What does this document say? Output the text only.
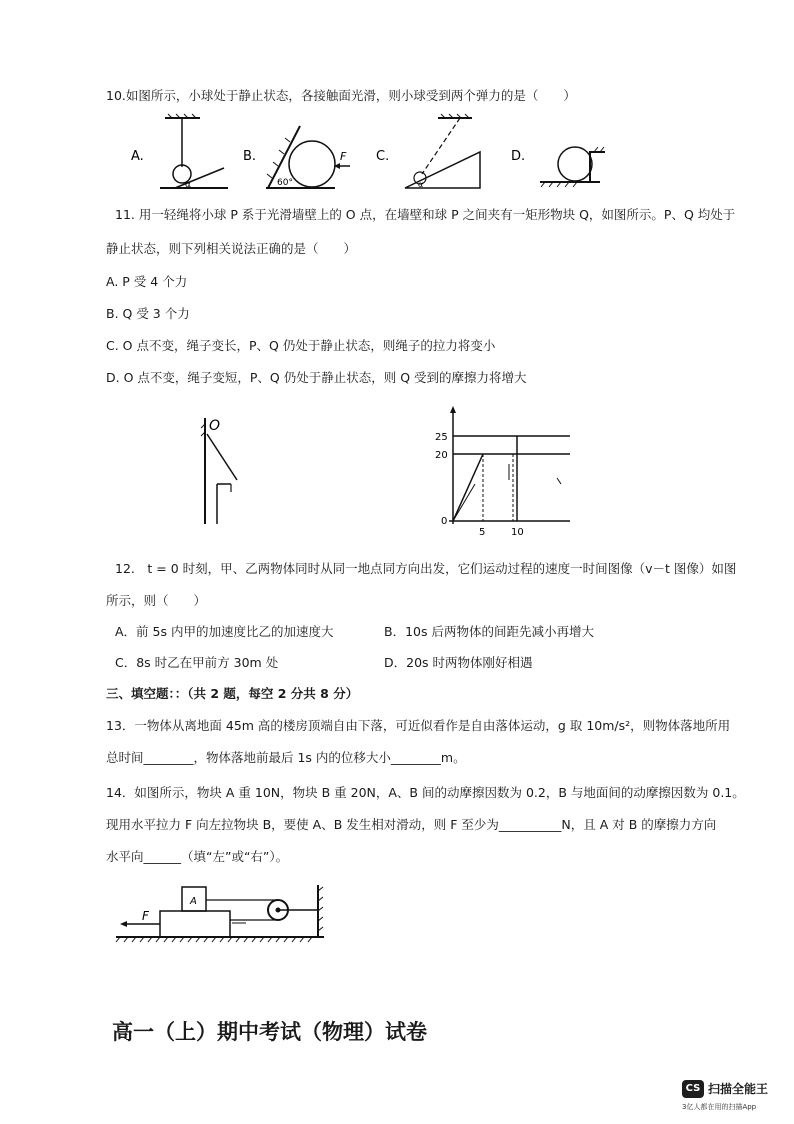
10.如图所示，小球处于静止状态，各接触面光滑，则小球受到两个弹力的是（　　）
A.
α
B.	F
60°
C.
α
D.
11. 用一轻绳将小球 P 系于光滑墙壁上的 O 点，在墙壁和球 P 之间夹有一矩形物块 Q，如图所示。P、Q 均处于
静止状态，则下列相关说法正确的是（　　）
A. P 受 4 个力
B. Q 受 3 个力
C. O 点不变，绳子变长，P、Q 仍处于静止状态，则绳子的拉力将变小
D. O 点不变，绳子变短，P、Q 仍处于静止状态，则 Q 受到的摩擦力将增大
O
25
20
0
5	10
12.　t = 0 时刻，甲、乙两物体同时从同一地点同方向出发，它们运动过程的速度一时间图像（v－t 图像）如图
所示，则（　　）
A．前 5s 内甲的加速度比乙的加速度大	B．10s 后两物体的间距先减小再增大
C．8s 时乙在甲前方 30m 处	D．20s 时两物体刚好相遇
三、填空题：：（共 2 题，每空 2 分共 8 分）
13．一物体从离地面 45m 高的楼房顶端自由下落，可近似看作是自由落体运动，g 取 10m/s²，则物体落地所用
总时间________，物体落地前最后 1s 内的位移大小________m。
14．如图所示，物块 A 重 10N，物块 B 重 20N，A、B 间的动摩擦因数为 0.2，B 与地面间的动摩擦因数为 0.1。
现用水平拉力 F 向左拉物块 B，要使 A、B 发生相对滑动，则 F 至少为__________N，且 A 对 B 的摩擦力方向
水平向______（填“左”或“右”）。
A
F
高一（上）期中考试（物理）试卷
CS 扫描全能王
3亿人都在用的扫描App
